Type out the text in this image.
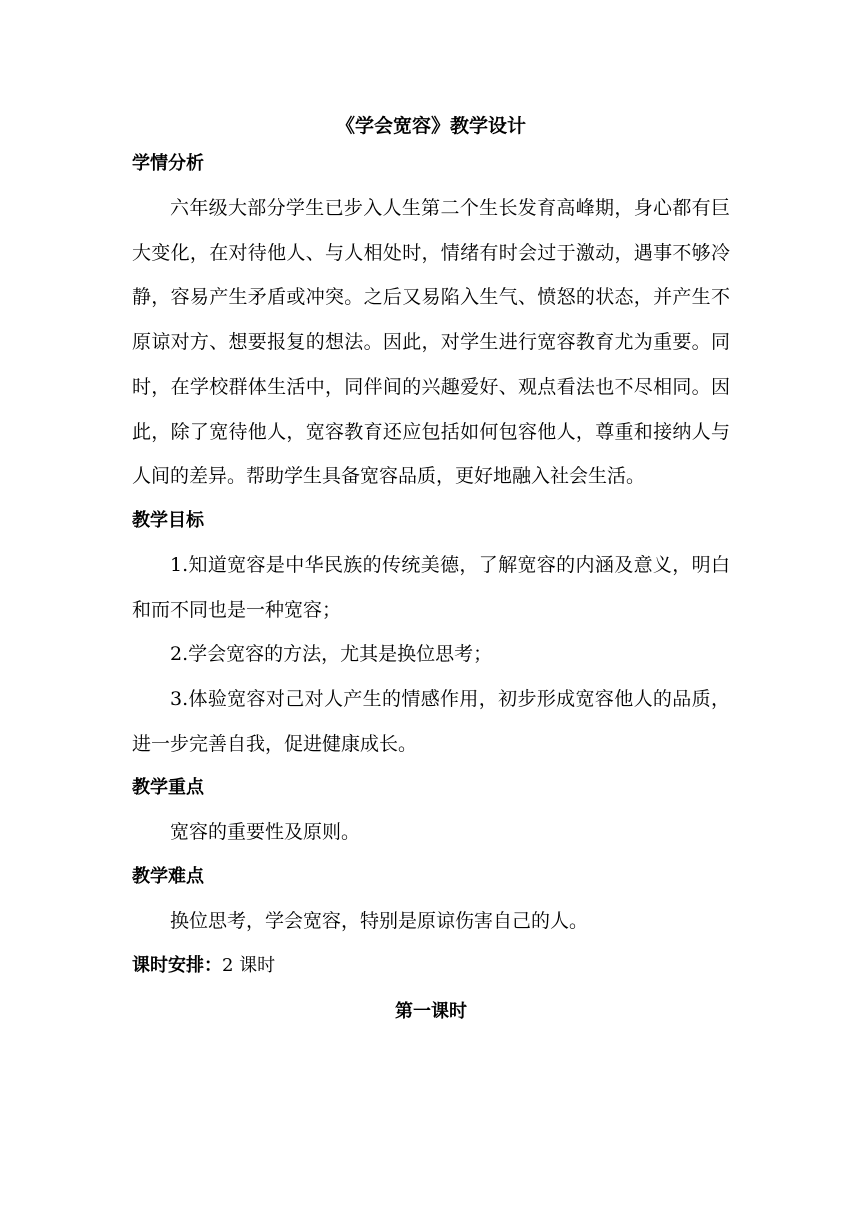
《学会宽容》教学设计
学情分析

六年级大部分学生已步入人生第二个生长发育高峰期，身心都有巨大变化，在对待他人、与人相处时，情绪有时会过于激动，遇事不够冷静，容易产生矛盾或冲突。之后又易陷入生气、愤怒的状态，并产生不原谅对方、想要报复的想法。因此，对学生进行宽容教育尤为重要。同时，在学校群体生活中，同伴间的兴趣爱好、观点看法也不尽相同。因此，除了宽待他人，宽容教育还应包括如何包容他人，尊重和接纳人与人间的差异。帮助学生具备宽容品质，更好地融入社会生活。

教学目标

1.知道宽容是中华民族的传统美德，了解宽容的内涵及意义，明白和而不同也是一种宽容；

2.学会宽容的方法，尤其是换位思考；

3.体验宽容对己对人产生的情感作用，初步形成宽容他人的品质，进一步完善自我，促进健康成长。

教学重点

宽容的重要性及原则。

教学难点

换位思考，学会宽容，特别是原谅伤害自己的人。

课时安排：2 课时
第一课时
